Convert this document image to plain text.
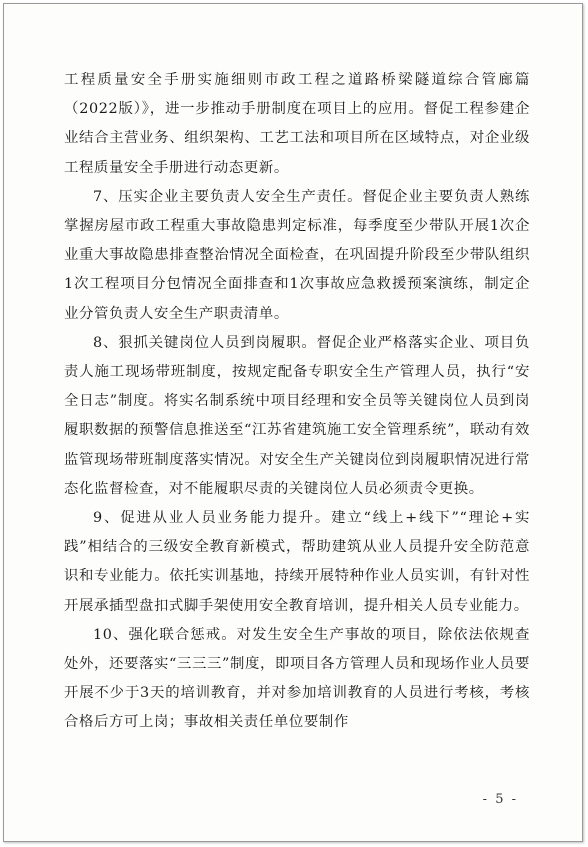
工程质量安全手册实施细则市政工程之道路桥梁隧道综合管廊篇（2022版）》，进一步推动手册制度在项目上的应用。督促工程参建企业结合主营业务、组织架构、工艺工法和项目所在区域特点，对企业级工程质量安全手册进行动态更新。

7、压实企业主要负责人安全生产责任。督促企业主要负责人熟练掌握房屋市政工程重大事故隐患判定标准，每季度至少带队开展1次企业重大事故隐患排查整治情况全面检查，在巩固提升阶段至少带队组织1次工程项目分包情况全面排查和1次事故应急救援预案演练，制定企业分管负责人安全生产职责清单。

8、狠抓关键岗位人员到岗履职。督促企业严格落实企业、项目负责人施工现场带班制度，按规定配备专职安全生产管理人员，执行“安全日志”制度。将实名制系统中项目经理和安全员等关键岗位人员到岗履职数据的预警信息推送至“江苏省建筑施工安全管理系统”，联动有效监管现场带班制度落实情况。对安全生产关键岗位到岗履职情况进行常态化监督检查，对不能履职尽责的关键岗位人员必须责令更换。

9、促进从业人员业务能力提升。建立“线上+线下”“理论+实践”相结合的三级安全教育新模式，帮助建筑从业人员提升安全防范意识和专业能力。依托实训基地，持续开展特种作业人员实训，有针对性开展承插型盘扣式脚手架使用安全教育培训，提升相关人员专业能力。

10、强化联合惩戒。对发生安全生产事故的项目，除依法依规查处外，还要落实“三三三”制度，即项目各方管理人员和现场作业人员要开展不少于3天的培训教育，并对参加培训教育的人员进行考核，考核合格后方可上岗；事故相关责任单位要制作

- 5 -
